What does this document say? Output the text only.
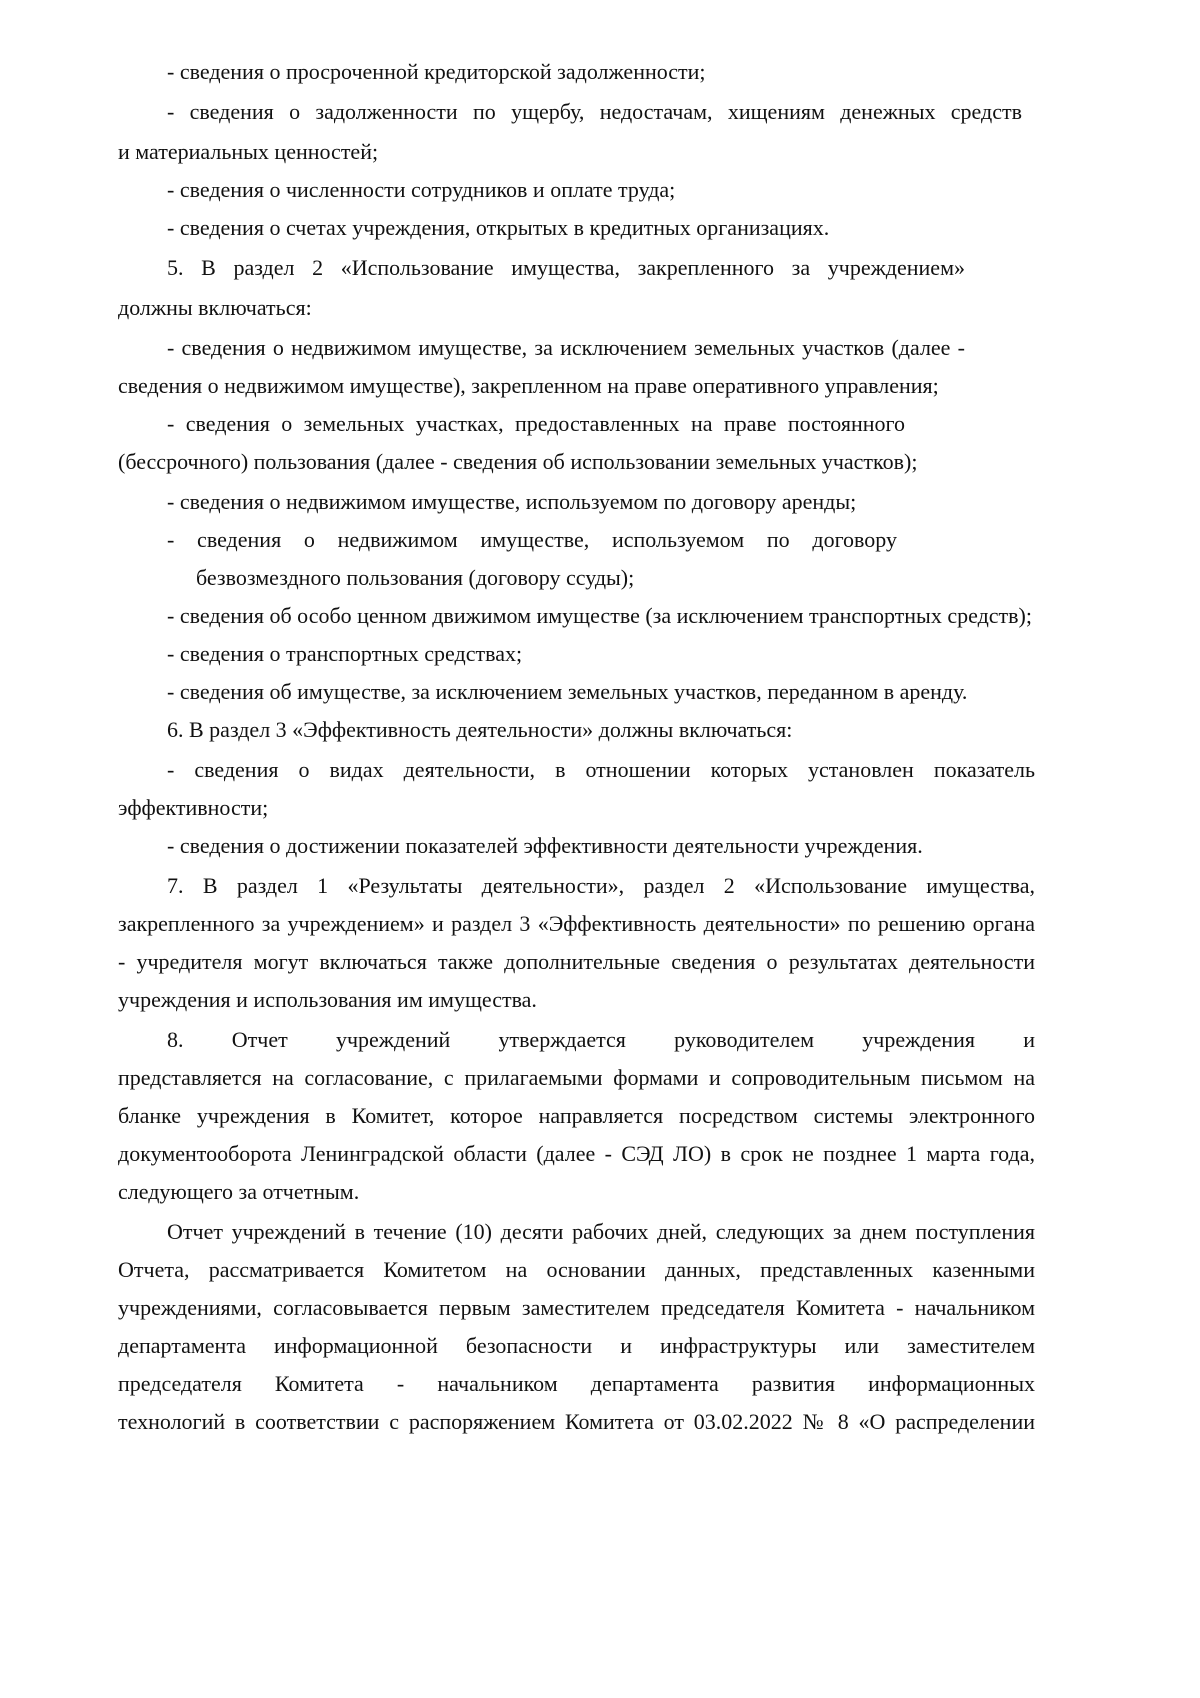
- сведения о просроченной кредиторской задолженности;
- сведения о задолженности по ущербу, недостачам, хищениям денежных средств
и материальных ценностей;
- сведения о численности сотрудников и оплате труда;
- сведения о счетах учреждения, открытых в кредитных организациях.
5. В раздел 2 «Использование имущества, закрепленного за учреждением»
должны включаться:
- сведения о недвижимом имуществе, за исключением земельных участков (далее -
сведения о недвижимом имуществе), закрепленном на праве оперативного управления;
- сведения о земельных участках, предоставленных на праве постоянного
(бессрочного) пользования (далее - сведения об использовании земельных участков);
- сведения о недвижимом имуществе, используемом по договору аренды;
- сведения о недвижимом имуществе, используемом по договору
безвозмездного пользования (договору ссуды);
- сведения об особо ценном движимом имуществе (за исключением транспортных средств);
- сведения о транспортных средствах;
- сведения об имуществе, за исключением земельных участков, переданном в аренду.
6. В раздел 3 «Эффективность деятельности» должны включаться:
- сведения о видах деятельности, в отношении которых установлен показатель
эффективности;
- сведения о достижении показателей эффективности деятельности учреждения.
7. В раздел 1 «Результаты деятельности», раздел 2 «Использование имущества,
закрепленного за учреждением» и раздел 3 «Эффективность деятельности» по решению органа
- учредителя могут включаться также дополнительные сведения о результатах деятельности
учреждения и использования им имущества.
8. Отчет учреждений утверждается руководителем учреждения и
представляется на согласование, с прилагаемыми формами и сопроводительным письмом на
бланке учреждения в Комитет, которое направляется посредством системы электронного
документооборота Ленинградской области (далее - СЭД ЛО) в срок не позднее 1 марта года,
следующего за отчетным.
Отчет учреждений в течение (10) десяти рабочих дней, следующих за днем поступления
Отчета, рассматривается Комитетом на основании данных, представленных казенными
учреждениями, согласовывается первым заместителем председателя Комитета - начальником
департамента информационной безопасности и инфраструктуры или заместителем
председателя Комитета - начальником департамента развития информационных
технологий в соответствии с распоряжением Комитета от 03.02.2022 № 8 «О распределении
